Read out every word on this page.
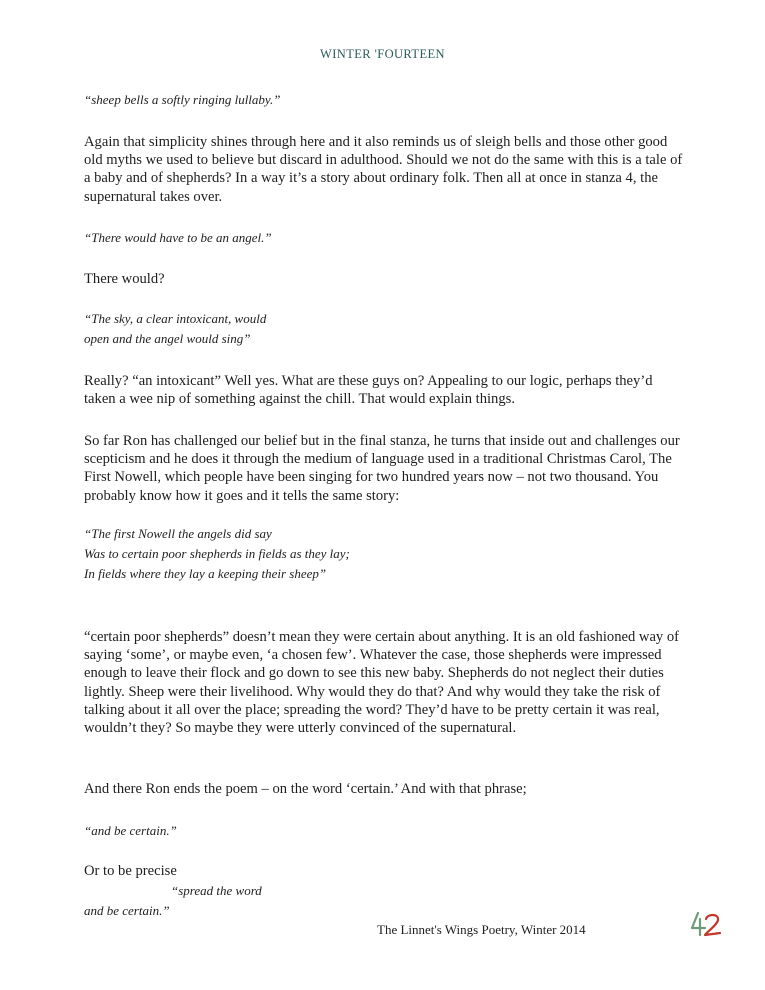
WINTER 'FOURTEEN
“sheep bells a softly ringing lullaby.”
Again that simplicity shines through here and it also reminds us of sleigh bells and those other good old myths we used to believe but discard in adulthood. Should we not do the same with this is a tale of a baby and of shepherds? In a way it’s a story about ordinary folk. Then all at once in stanza 4, the supernatural takes over.
“There would have to be an angel.”
There would?
“The sky, a clear intoxicant, would
open and the angel would sing”
Really? “an intoxicant” Well yes. What are these guys on? Appealing to our logic, perhaps they’d taken a wee nip of something against the chill. That would explain things.
So far Ron has challenged our belief but in the final stanza, he turns that inside out and challenges our scepticism and he does it through the medium of language used in a traditional Christmas Carol, The First Nowell, which people have been singing for two hundred years now – not two thousand. You probably know how it goes and it tells the same story:
“The first Nowell the angels did say
Was to certain poor shepherds in fields as they lay;
In fields where they lay a keeping their sheep”
“certain poor shepherds” doesn’t mean they were certain about anything. It is an old fashioned way of saying ‘some’, or maybe even, ‘a chosen few’. Whatever the case, those shepherds were impressed enough to leave their flock and go down to see this new baby. Shepherds do not neglect their duties lightly. Sheep were their livelihood. Why would they do that? And why would they take the risk of talking about it all over the place; spreading the word? They’d have to be pretty certain it was real, wouldn’t they? So maybe they were utterly convinced of the supernatural.
And there Ron ends the poem – on the word ‘certain.’ And with that phrase;
“and be certain.”
Or to be precise
“spread the word
and be certain.”
The Linnet's Wings Poetry, Winter 2014
